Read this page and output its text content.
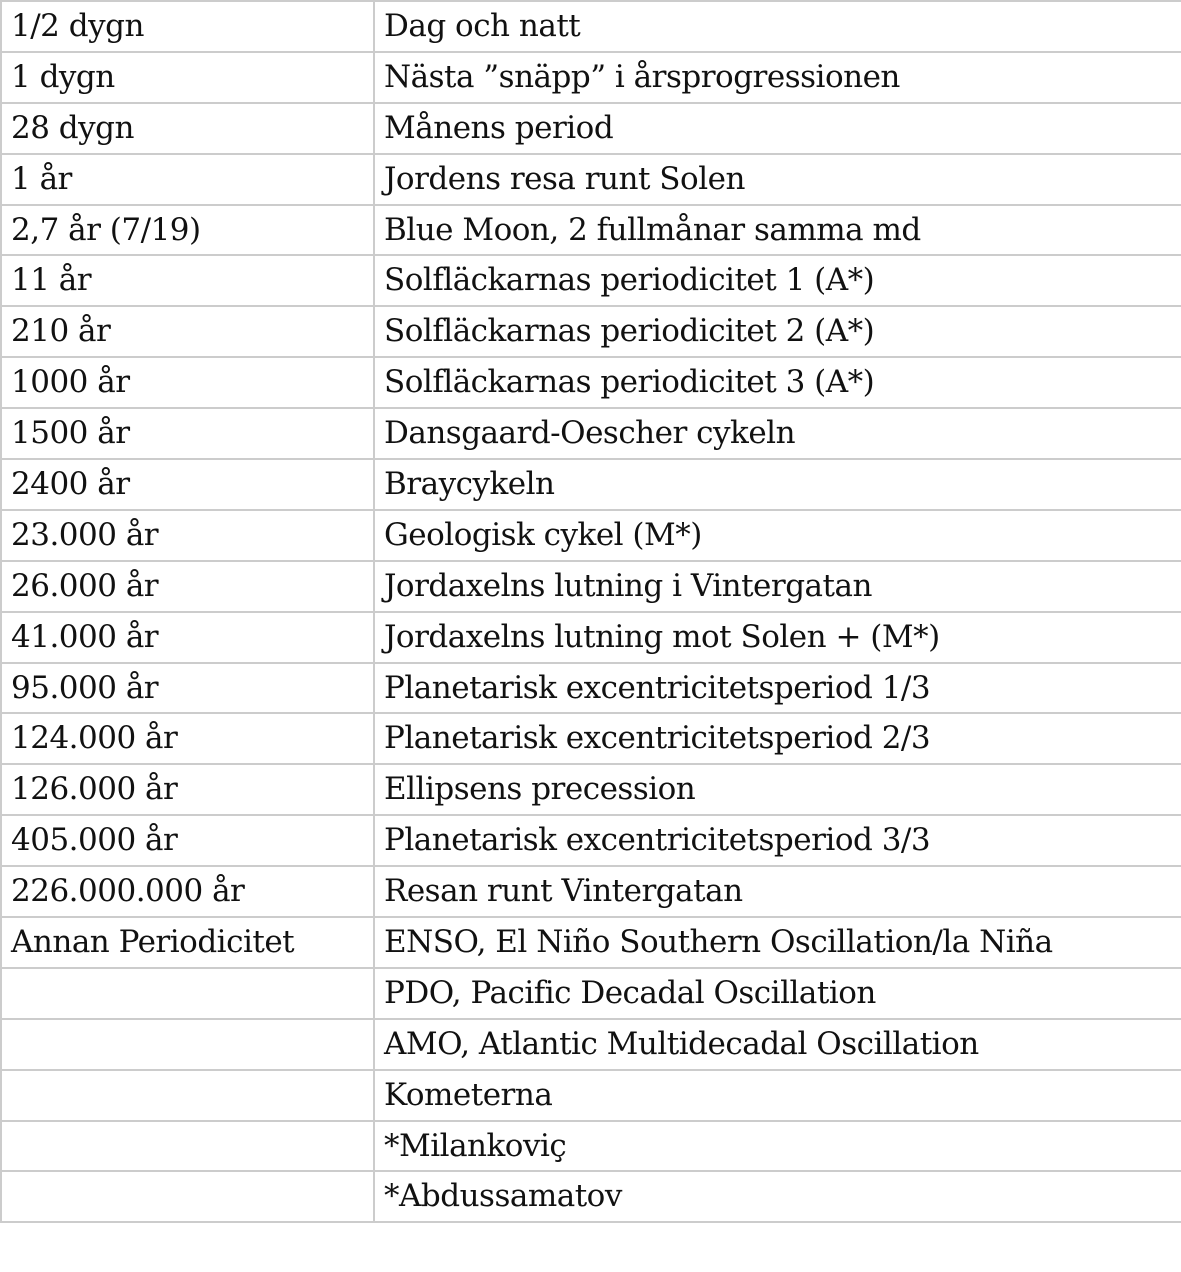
1/2 dygn	Dag och natt
1 dygn	Nästa ”snäpp” i årsprogressionen
28 dygn	Månens period
1 år	Jordens resa runt Solen
2,7 år (7/19)	Blue Moon, 2 fullmånar samma md
11 år	Solfläckarnas periodicitet 1 (A*)
210 år	Solfläckarnas periodicitet 2 (A*)
1000 år	Solfläckarnas periodicitet 3 (A*)
1500 år	Dansgaard-Oescher cykeln
2400 år	Braycykeln
23.000 år	Geologisk cykel (M*)
26.000 år	Jordaxelns lutning i Vintergatan
41.000 år	Jordaxelns lutning mot Solen + (M*)
95.000 år	Planetarisk excentricitetsperiod 1/3
124.000 år	Planetarisk excentricitetsperiod 2/3
126.000 år	Ellipsens precession
405.000 år	Planetarisk excentricitetsperiod 3/3
226.000.000 år	Resan runt Vintergatan
Annan Periodicitet	ENSO, El Niño Southern Oscillation/la Niña
	PDO, Pacific Decadal Oscillation
	AMO, Atlantic Multidecadal Oscillation
	Kometerna
	*Milankoviç
	*Abdussamatov
